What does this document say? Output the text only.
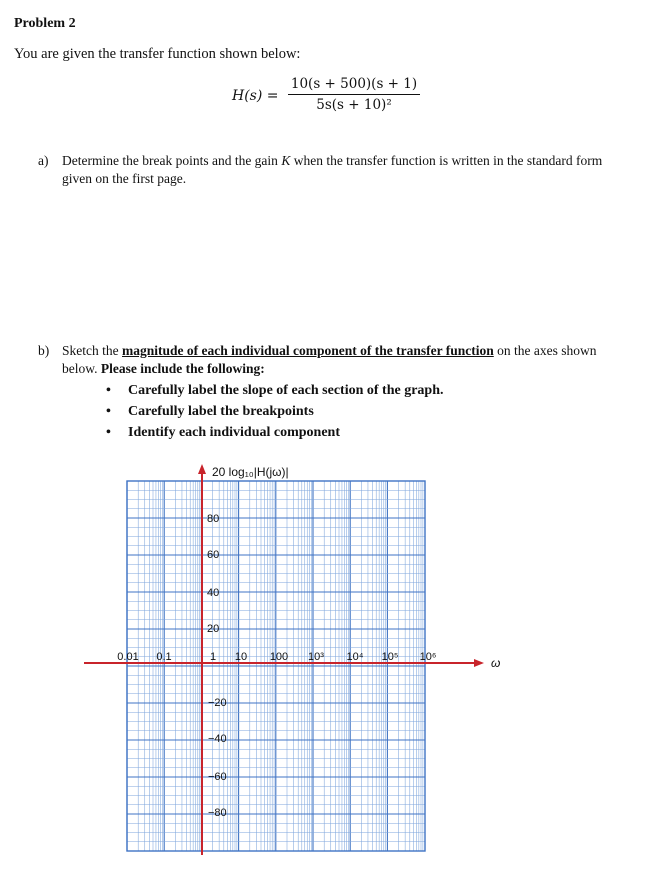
Problem 2
You are given the transfer function shown below:
H(s) =
10(s + 500)(s + 1)
5s(s + 10)²
a) Determine the break points and the gain K when the transfer function is written in the standard form given on the first page.
b) Sketch the magnitude of each individual component of the transfer function on the axes shown below. Please include the following:
• Carefully label the slope of each section of the graph.
• Carefully label the breakpoints
• Identify each individual component
0.01 0.1	1 10 100 10³ 10⁴ 10⁵ 10⁶
80
60
40
20
−20
−40
−60
−80
20 log₁₀|H(jω)|
ω
